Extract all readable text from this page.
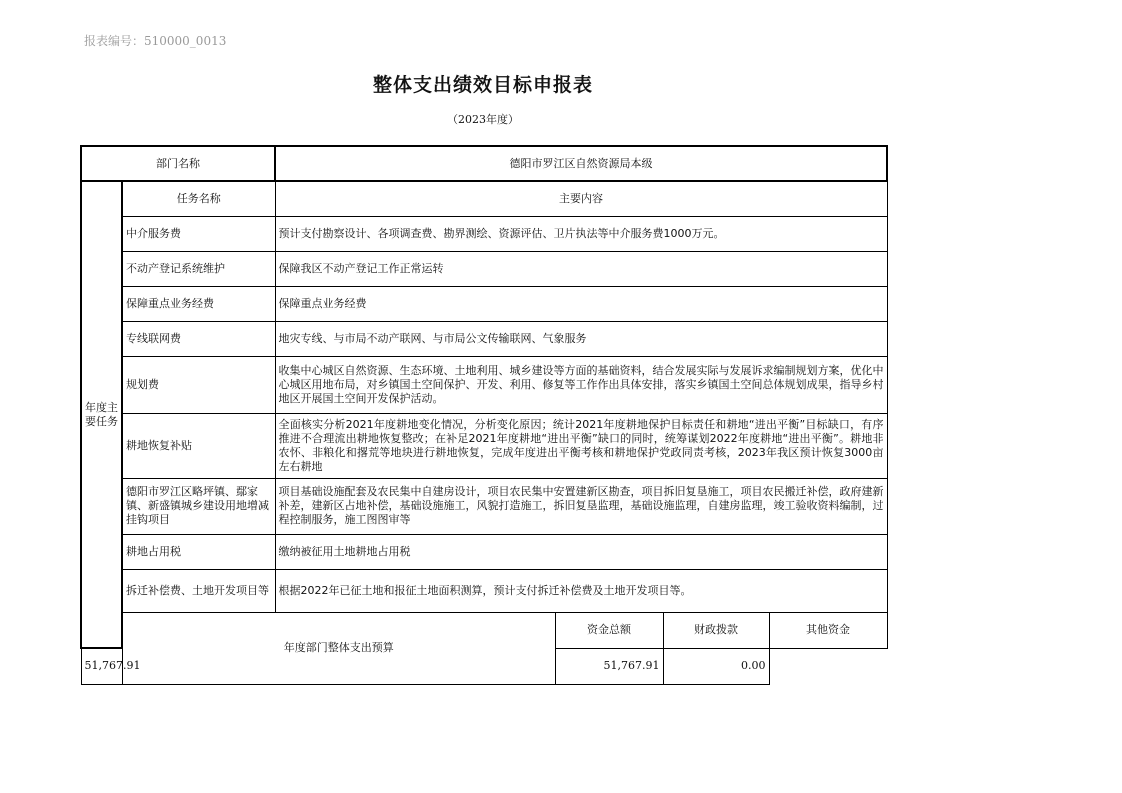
报表编号：510000_0013
整体支出绩效目标申报表
（2023年度）
部门名称		德阳市罗江区自然资源局本级			
年度主要任务	任务名称	主要内容			
	中介服务费	预计支付勘察设计、各项调查费、勘界测绘、资源评估、卫片执法等中介服务费1000万元。			
	不动产登记系统维护	保障我区不动产登记工作正常运转			
	保障重点业务经费	保障重点业务经费			
	专线联网费	地灾专线、与市局不动产联网、与市局公文传输联网、气象服务			
	规划费	收集中心城区自然资源、生态环境、土地利用、城乡建设等方面的基础资料，结合发展实际与发展诉求编制规划方案，优化中心城区用地布局，对乡镇国土空间保护、开发、利用、修复等工作作出具体安排，落实乡镇国土空间总体规划成果，指导乡村地区开展国土空间开发保护活动。			
	耕地恢复补贴	全面核实分析2021年度耕地变化情况，分析变化原因；统计2021年度耕地保护目标责任和耕地“进出平衡”目标缺口，有序推进不合理流出耕地恢复整改；在补足2021年度耕地“进出平衡”缺口的同时，统筹谋划2022年度耕地“进出平衡”。耕地非农怀、非粮化和撂荒等地块进行耕地恢复，完成年度进出平衡考核和耕地保护党政同责考核，2023年我区预计恢复3000亩左右耕地			
	德阳市罗江区略坪镇、鄢家镇、新盛镇城乡建设用地增减挂钩项目	项目基础设施配套及农民集中自建房设计，项目农民集中安置建新区勘查，项目拆旧复垦施工，项目农民搬迁补偿，政府建新补差，建新区占地补偿，基础设施施工，风貌打造施工，拆旧复垦监理，基础设施监理，自建房监理，竣工验收资料编制，过程控制服务，施工图图审等			
	耕地占用税	缴纳被征用土地耕地占用税			
	拆迁补偿费、土地开发项目等	根据2022年已征土地和报征土地面积测算，预计支付拆迁补偿费及土地开发项目等。			
	年度部门整体支出预算		资金总额	财政拨款	其他资金
51,767.91			51,767.91	0.00	
